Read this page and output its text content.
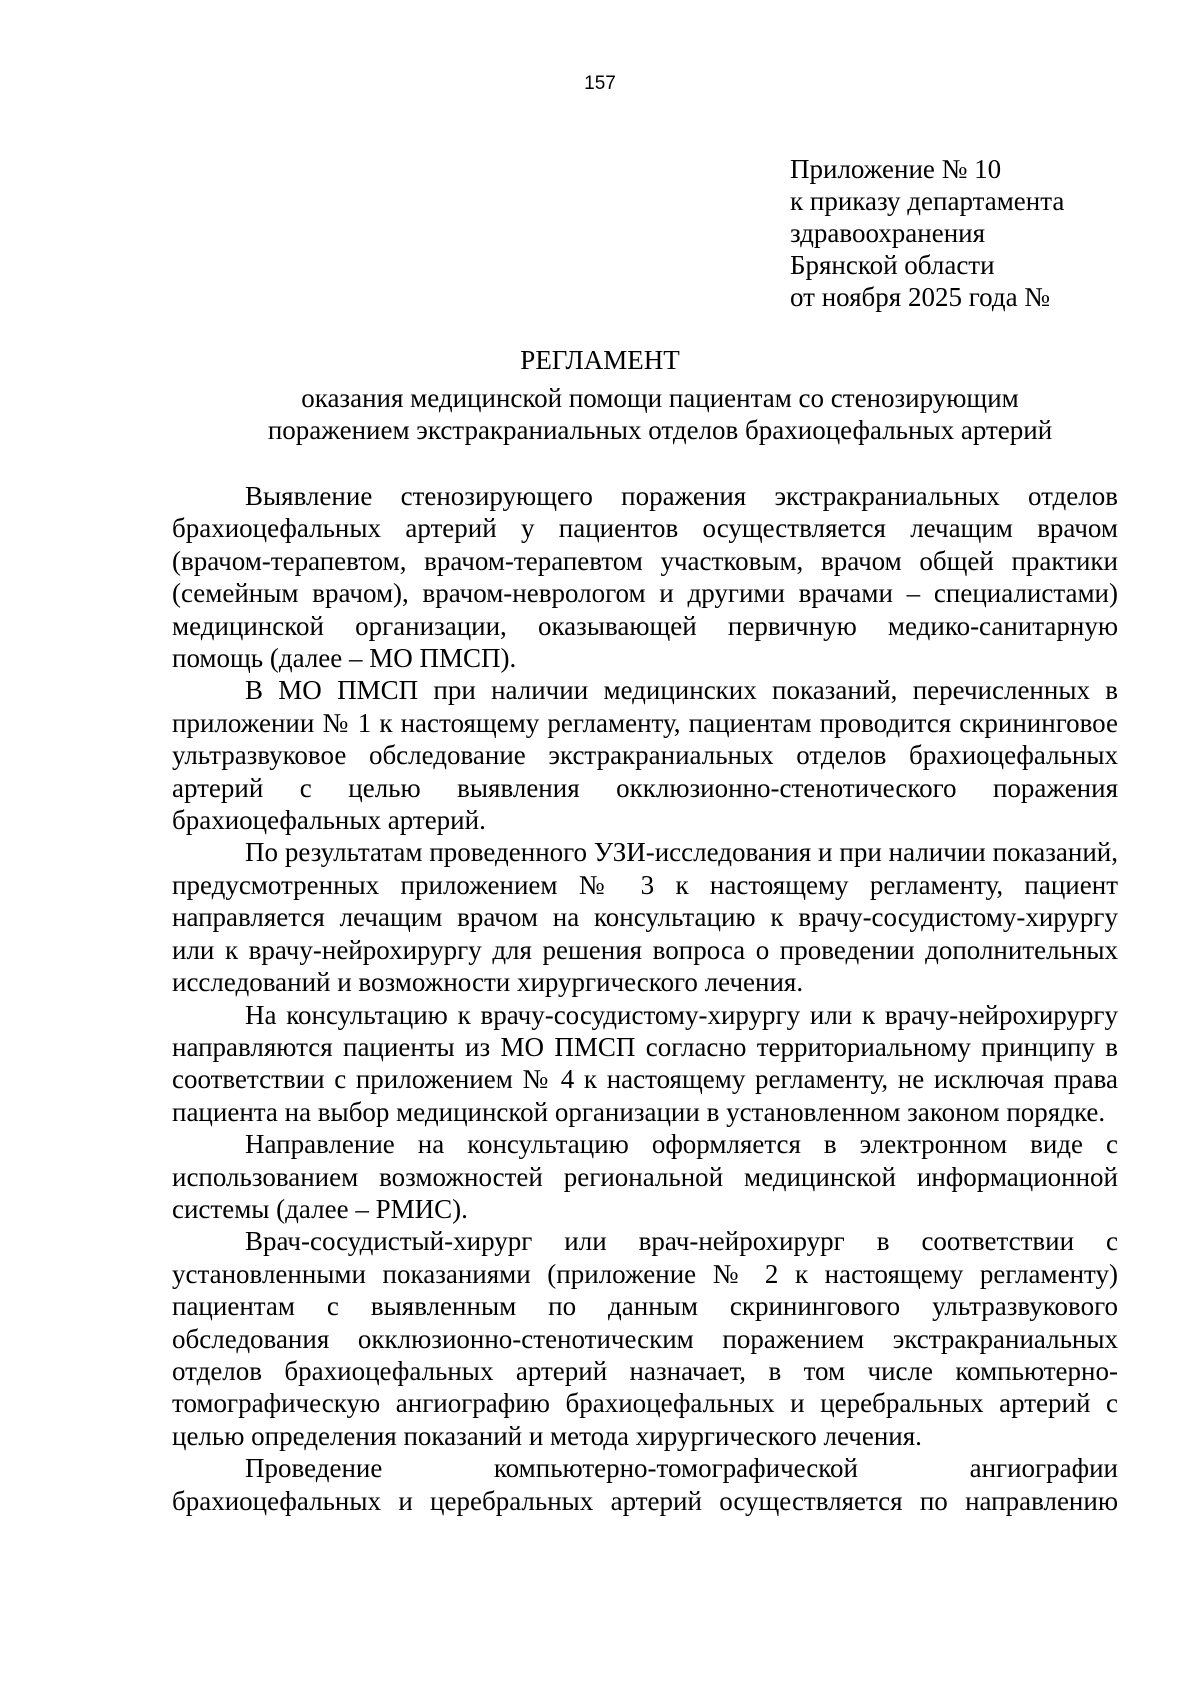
157
Приложение № 10
к приказу департамента
здравоохранения
Брянской области
от ноября 2025 года №
РЕГЛАМЕНТ
оказания медицинской помощи пациентам со стенозирующим
поражением экстракраниальных отделов брахиоцефальных артерий

Выявление стенозирующего поражения экстракраниальных отделов брахиоцефальных артерий у пациентов осуществляется лечащим врачом (врачом-терапевтом, врачом-терапевтом участковым, врачом общей практики (семейным врачом), врачом-неврологом и другими врачами – специалистами) медицинской организации, оказывающей первичную медико-санитарную помощь (далее – МО ПМСП).

В МО ПМСП при наличии медицинских показаний, перечисленных в приложении № 1 к настоящему регламенту, пациентам проводится скрининговое ультразвуковое обследование экстракраниальных отделов брахиоцефальных артерий с целью выявления окклюзионно-стенотического поражения брахиоцефальных артерий.

По результатам проведенного УЗИ-исследования и при наличии показаний, предусмотренных приложением № 3 к настоящему регламенту, пациент направляется лечащим врачом на консультацию к врачу-сосудистому-хирургу или к врачу-нейрохирургу для решения вопроса о проведении дополнительных исследований и возможности хирургического лечения.

На консультацию к врачу-сосудистому-хирургу или к врачу-нейрохирургу направляются пациенты из МО ПМСП согласно территориальному принципу в соответствии с приложением № 4 к настоящему регламенту, не исключая права пациента на выбор медицинской организации в установленном законом порядке.

Направление на консультацию оформляется в электронном виде с использованием возможностей региональной медицинской информационной системы (далее – РМИС).

Врач-сосудистый-хирург или врач-нейрохирург в соответствии с установленными показаниями (приложение № 2 к настоящему регламенту) пациентам с выявленным по данным скринингового ультразвукового обследования окклюзионно-стенотическим поражением экстракраниальных отделов брахиоцефальных артерий назначает, в том числе компьютерно-томографическую ангиографию брахиоцефальных и церебральных артерий с целью определения показаний и метода хирургического лечения.

Проведение компьютерно-томографической ангиографии брахиоцефальных и церебральных артерий осуществляется по направлению
